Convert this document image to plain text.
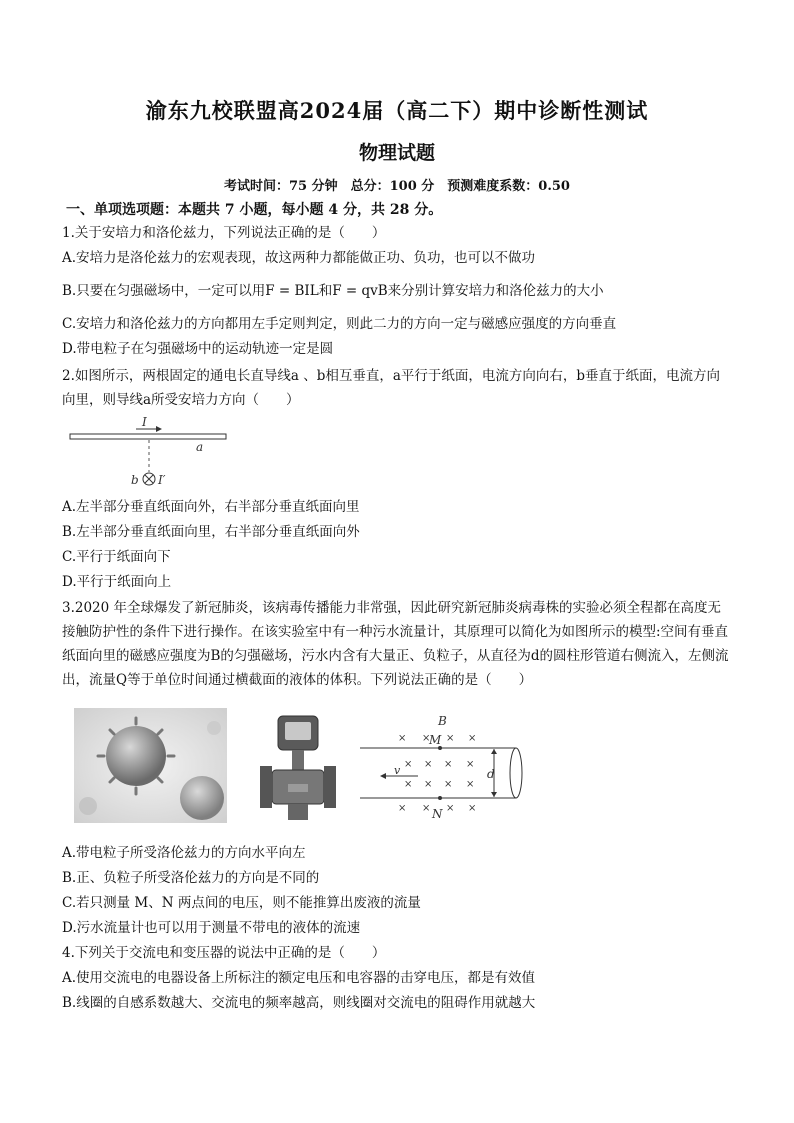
渝东九校联盟高2024届（高二下）期中诊断性测试
物理试题
考试时间：75 分钟　总分：100 分　预测难度系数：0.50
一、单项选项题：本题共 7 小题，每小题 4 分，共 28 分。
1.关于安培力和洛伦兹力，下列说法正确的是（　　）
A.安培力是洛伦兹力的宏观表现，故这两种力都能做正功、负功，也可以不做功
B.只要在匀强磁场中，一定可以用F = BIL和F = qvB来分别计算安培力和洛伦兹力的大小
C.安培力和洛伦兹力的方向都用左手定则判定，则此二力的方向一定与磁感应强度的方向垂直
D.带电粒子在匀强磁场中的运动轨迹一定是圆
2.如图所示，两根固定的通电长直导线a 、b相互垂直，a平行于纸面，电流方向向右，b垂直于纸面，电流方向向里，则导线a所受安培力方向（　　）
I
a
b I′
A.左半部分垂直纸面向外，右半部分垂直纸面向里
B.左半部分垂直纸面向里，右半部分垂直纸面向外
C.平行于纸面向下
D.平行于纸面向上
3.2020 年全球爆发了新冠肺炎，该病毒传播能力非常强，因此研究新冠肺炎病毒株的实验必须全程都在高度无接触防护性的条件下进行操作。在该实验室中有一种污水流量计，其原理可以简化为如图所示的模型:空间有垂直纸面向里的磁感应强度为B的匀强磁场，污水内含有大量正、负粒子，从直径为d的圆柱形管道右侧流入，左侧流出，流量Q等于单位时间通过横截面的液体的体积。下列说法正确的是（　　）
B
M
N
× × × ×
× × × ×
× × × ×
× × × ×
v	d
A.带电粒子所受洛伦兹力的方向水平向左
B.正、负粒子所受洛伦兹力的方向是不同的
C.若只测量 M、N 两点间的电压，则不能推算出废液的流量
D.污水流量计也可以用于测量不带电的液体的流速
4.下列关于交流电和变压器的说法中正确的是（　　）
A.使用交流电的电器设备上所标注的额定电压和电容器的击穿电压，都是有效值
B.线圈的自感系数越大、交流电的频率越高，则线圈对交流电的阻碍作用就越大
